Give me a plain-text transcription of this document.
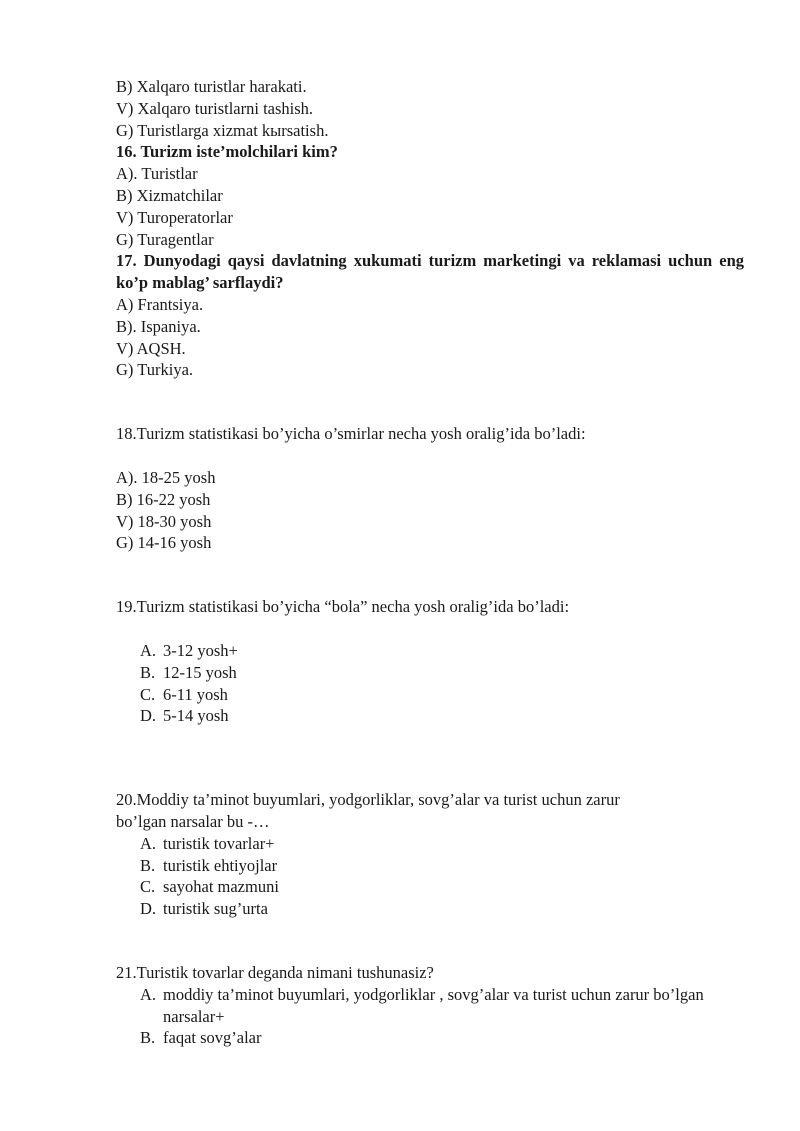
B) Xalqaro turistlar harakati.
V) Xalqaro turistlarni tashish.
G) Turistlarga xizmat kыrsatish.
16. Turizm iste’molchilari kim?
A). Turistlar
B) Xizmatchilar
V) Turoperatorlar
G) Turagentlar
17. Dunyodagi qaysi davlatning xukumati turizm marketingi va reklamasi uchun eng ko’p mablag’ sarflaydi?
A) Frantsiya.
B). Ispaniya.
V) AQSH.
G) Turkiya.
18.Turizm statistikasi bo’yicha o’smirlar necha yosh oralig’ida bo’ladi:
A). 18-25 yosh
B) 16-22 yosh
V) 18-30 yosh
G) 14-16 yosh
19.Turizm statistikasi bo’yicha “bola” necha yosh oralig’ida bo’ladi:
A. 3-12 yosh+
B. 12-15 yosh
C. 6-11 yosh
D. 5-14 yosh
20.Moddiy ta’minot buyumlari, yodgorliklar, sovg’alar va turist uchun zarur
bo’lgan narsalar bu -…
A. turistik tovarlar+
B. turistik ehtiyojlar
C. sayohat mazmuni
D. turistik sug’urta
21.Turistik tovarlar deganda nimani tushunasiz?
A. moddiy ta’minot buyumlari, yodgorliklar , sovg’alar va turist uchun zarur bo’lgan narsalar+
B. faqat sovg’alar
